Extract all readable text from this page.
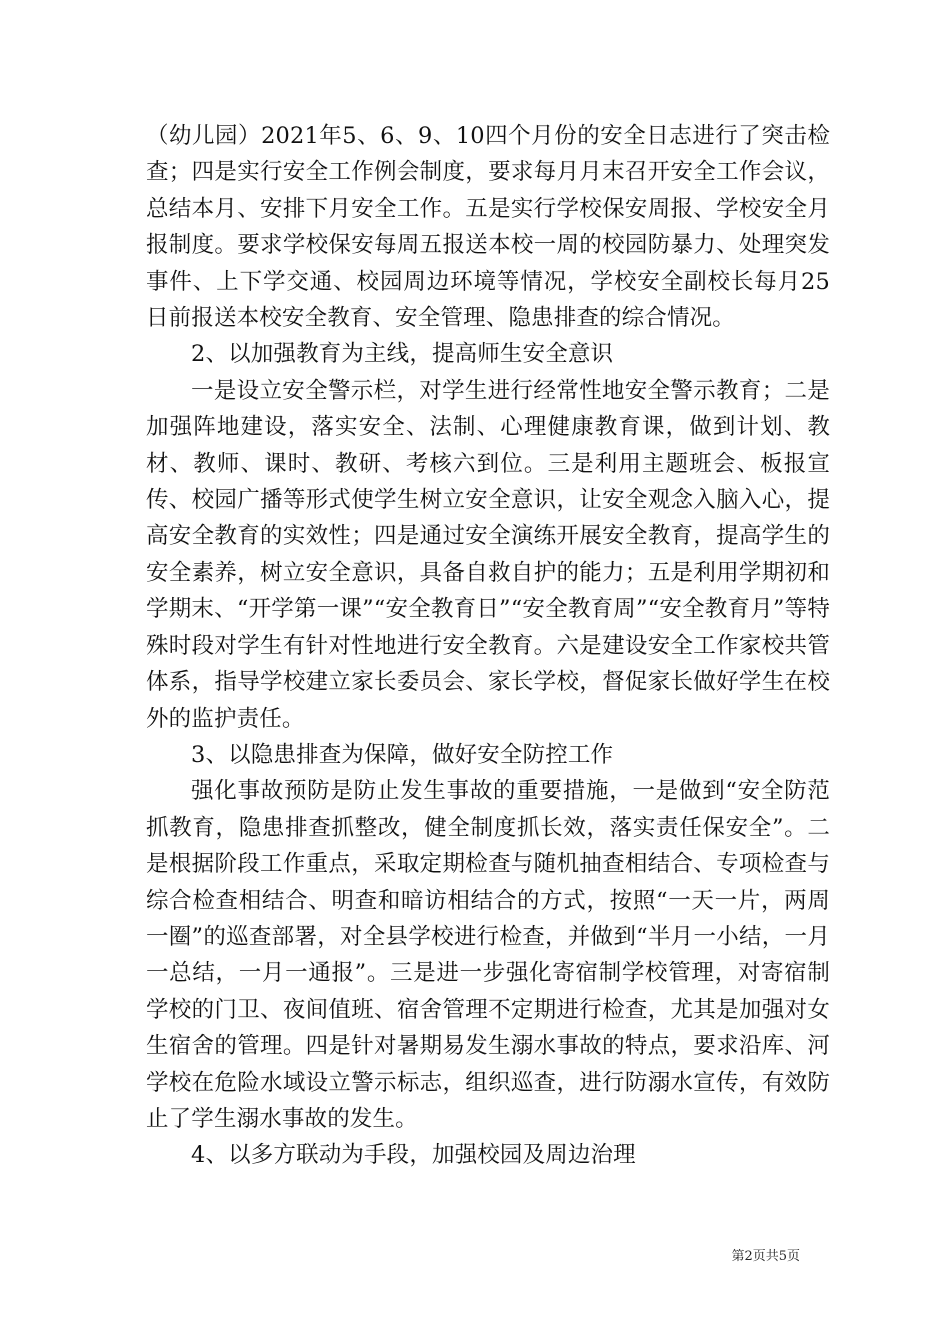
（幼儿园）2021年5、6、9、10四个月份的安全日志进行了突击检查；四是实行安全工作例会制度，要求每月月末召开安全工作会议，总结本月、安排下月安全工作。五是实行学校保安周报、学校安全月报制度。要求学校保安每周五报送本校一周的校园防暴力、处理突发事件、上下学交通、校园周边环境等情况，学校安全副校长每月25日前报送本校安全教育、安全管理、隐患排查的综合情况。

2、以加强教育为主线，提高师生安全意识

一是设立安全警示栏，对学生进行经常性地安全警示教育；二是加强阵地建设，落实安全、法制、心理健康教育课，做到计划、教材、教师、课时、教研、考核六到位。三是利用主题班会、板报宣传、校园广播等形式使学生树立安全意识，让安全观念入脑入心，提高安全教育的实效性；四是通过安全演练开展安全教育，提高学生的安全素养，树立安全意识，具备自救自护的能力；五是利用学期初和学期末、“开学第一课”“安全教育日”“安全教育周”“安全教育月”等特殊时段对学生有针对性地进行安全教育。六是建设安全工作家校共管体系，指导学校建立家长委员会、家长学校，督促家长做好学生在校外的监护责任。

3、以隐患排查为保障，做好安全防控工作

强化事故预防是防止发生事故的重要措施，一是做到“安全防范抓教育，隐患排查抓整改，健全制度抓长效，落实责任保安全”。二是根据阶段工作重点，采取定期检查与随机抽查相结合、专项检查与综合检查相结合、明查和暗访相结合的方式，按照“一天一片，两周一圈”的巡查部署，对全县学校进行检查，并做到“半月一小结，一月一总结，一月一通报”。三是进一步强化寄宿制学校管理，对寄宿制学校的门卫、夜间值班、宿舍管理不定期进行检查，尤其是加强对女生宿舍的管理。四是针对暑期易发生溺水事故的特点，要求沿库、河学校在危险水域设立警示标志，组织巡查，进行防溺水宣传，有效防止了学生溺水事故的发生。

4、以多方联动为手段，加强校园及周边治理

第2页共5页
